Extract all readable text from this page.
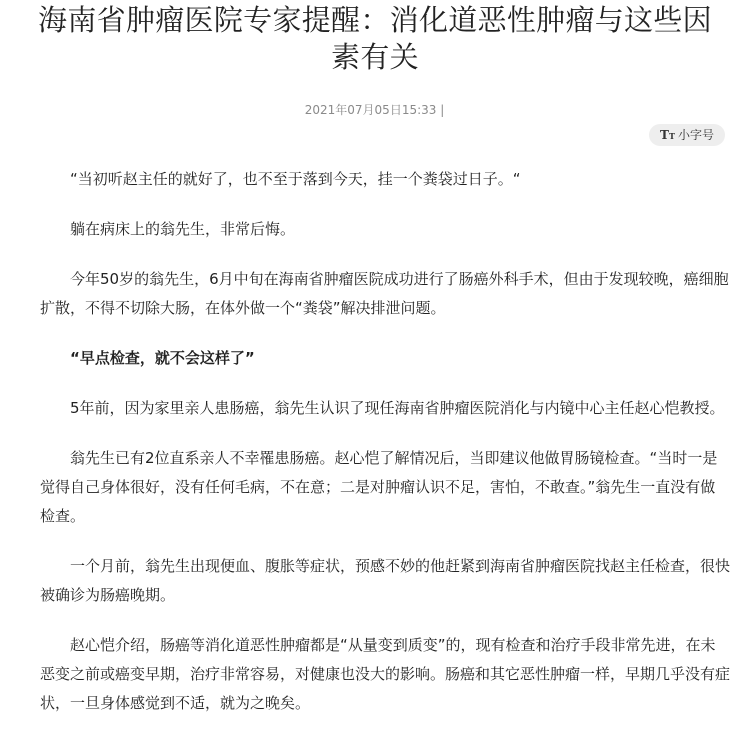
海南省肿瘤医院专家提醒：消化道恶性肿瘤与这些因素有关
2021年07月05日15:33 |
TT 小字号

“当初听赵主任的就好了，也不至于落到今天，挂一个粪袋过日子。“

躺在病床上的翁先生，非常后悔。

今年50岁的翁先生，6月中旬在海南省肿瘤医院成功进行了肠癌外科手术，但由于发现较晚，癌细胞扩散，不得不切除大肠，在体外做一个“粪袋”解决排泄问题。

“早点检查，就不会这样了”

5年前，因为家里亲人患肠癌，翁先生认识了现任海南省肿瘤医院消化与内镜中心主任赵心恺教授。

翁先生已有2位直系亲人不幸罹患肠癌。赵心恺了解情况后，当即建议他做胃肠镜检查。“当时一是觉得自己身体很好，没有任何毛病，不在意；二是对肿瘤认识不足，害怕，不敢查。”翁先生一直没有做检查。

一个月前，翁先生出现便血、腹胀等症状，预感不妙的他赶紧到海南省肿瘤医院找赵主任检查，很快被确诊为肠癌晚期。

赵心恺介绍，肠癌等消化道恶性肿瘤都是“从量变到质变”的，现有检查和治疗手段非常先进，在未恶变之前或癌变早期，治疗非常容易，对健康也没大的影响。肠癌和其它恶性肿瘤一样，早期几乎没有症状，一旦身体感觉到不适，就为之晚矣。
